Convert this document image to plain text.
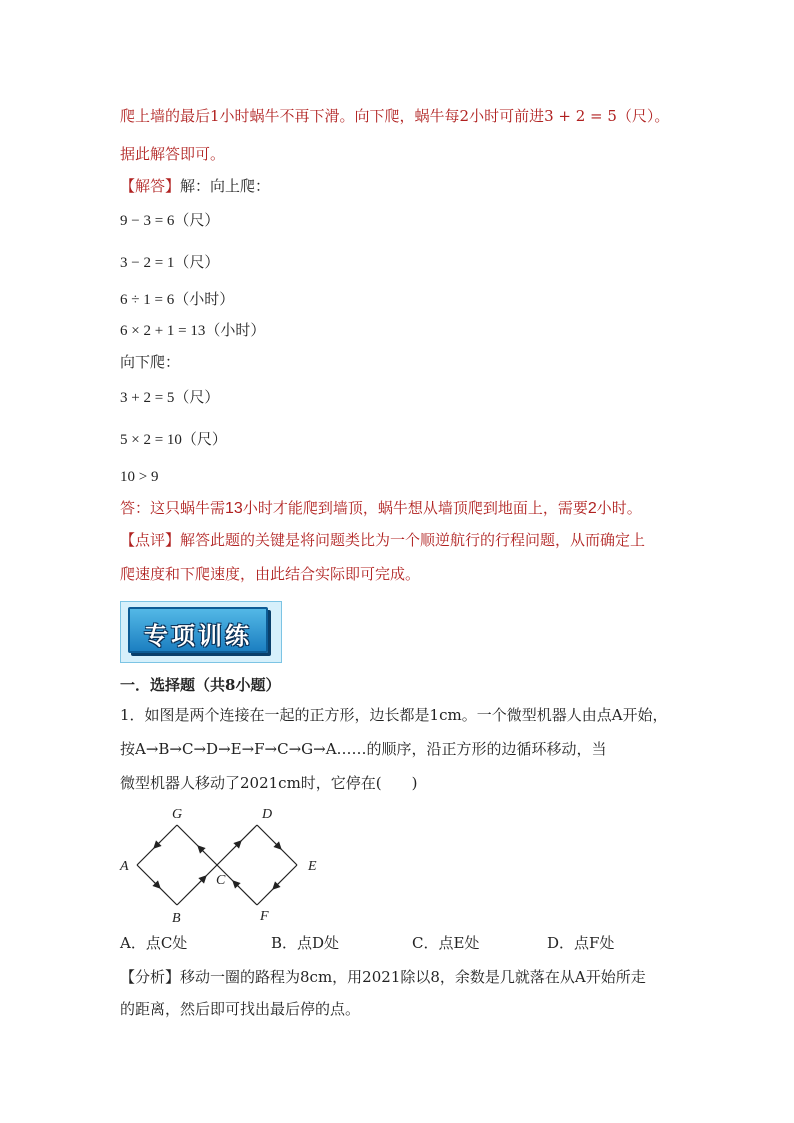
爬上墙的最后1小时蜗牛不再下滑。向下爬，蜗牛每2小时可前进3 + 2 = 5（尺）。
据此解答即可。
【解答】解：向上爬：
9 − 3 = 6（尺）
3 − 2 = 1（尺）
6 ÷ 1 = 6（小时）
6 × 2 + 1 = 13（小时）
向下爬：
3 + 2 = 5（尺）
5 × 2 = 10（尺）
10 > 9
答：这只蜗牛需13小时才能爬到墙顶，蜗牛想从墙顶爬到地面上，需要2小时。
【点评】解答此题的关键是将问题类比为一个顺逆航行的行程问题，从而确定上
爬速度和下爬速度，由此结合实际即可完成。
专项训练
一．选择题（共8小题）
1．如图是两个连接在一起的正方形，边长都是1cm。一个微型机器人由点A开始，
按A→B→C→D→E→F→C→G→A……的顺序，沿正方形的边循环移动，当
微型机器人移动了2021cm时，它停在(　　)
G	D
A
C
E
B	F
A．点C处	B．点D处	C．点E处	D．点F处
【分析】移动一圈的路程为8cm，用2021除以8，余数是几就落在从A开始所走
的距离，然后即可找出最后停的点。
